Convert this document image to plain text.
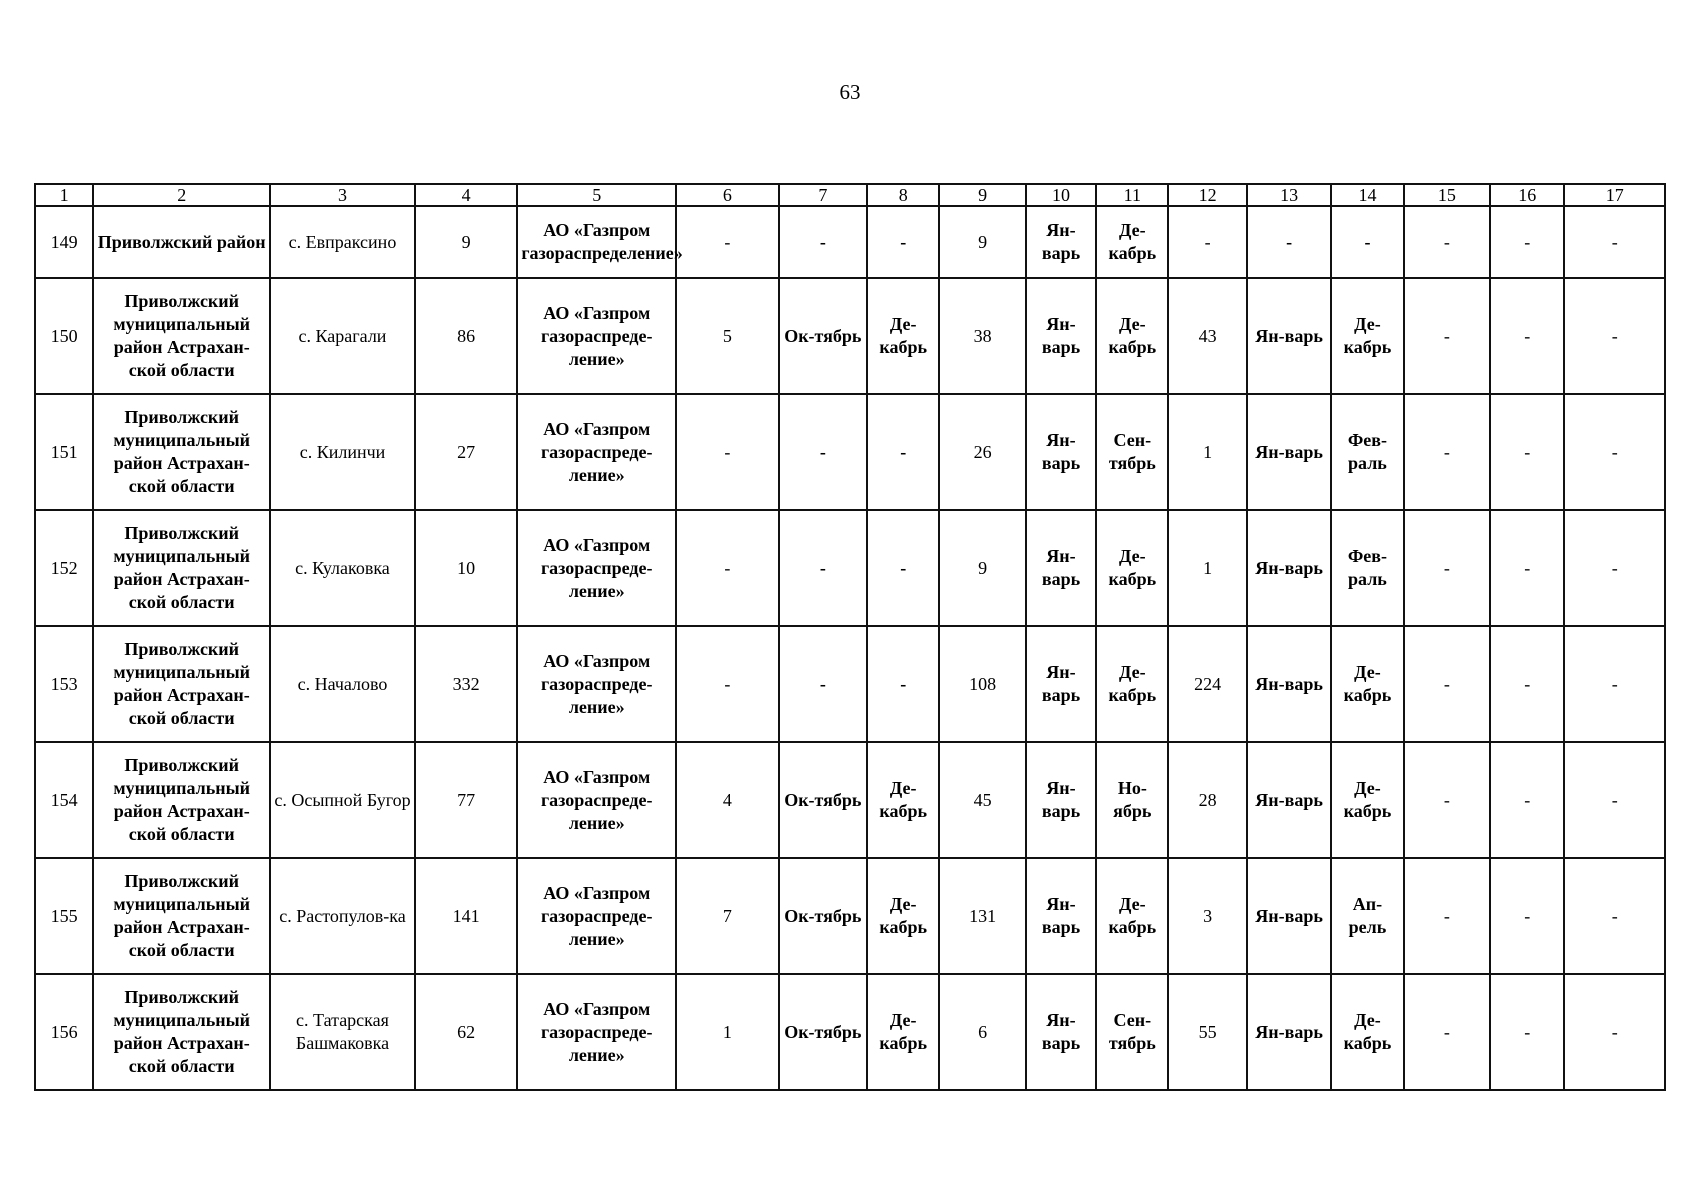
63
1	2	3	4	5	6	7	8	9	10	11	12	13	14	15	16	17
149	Приволжский район	с. Евпраксино	9	АО «Газпром газораспределение»	-	-	-	9	Ян-варь	Де-кабрь	-	-	-	-	-	-
150	Приволжский муниципальный район Астрахан-ской области	с. Карагали	86	АО «Газпром газораспреде-ление»	5	Ок-тябрь	Де-кабрь	38	Ян-варь	Де-кабрь	43	Ян-варь	Де-кабрь	-	-	-
151	Приволжский муниципальный район Астрахан-ской области	с. Килинчи	27	АО «Газпром газораспреде-ление»	-	-	-	26	Ян-варь	Сен-тябрь	1	Ян-варь	Фев-раль	-	-	-
152	Приволжский муниципальный район Астрахан-ской области	с. Кулаковка	10	АО «Газпром газораспреде-ление»	-	-	-	9	Ян-варь	Де-кабрь	1	Ян-варь	Фев-раль	-	-	-
153	Приволжский муниципальный район Астрахан-ской области	с. Началово	332	АО «Газпром газораспреде-ление»	-	-	-	108	Ян-варь	Де-кабрь	224	Ян-варь	Де-кабрь	-	-	-
154	Приволжский муниципальный район Астрахан-ской области	с. Осыпной Бугор	77	АО «Газпром газораспреде-ление»	4	Ок-тябрь	Де-кабрь	45	Ян-варь	Но-ябрь	28	Ян-варь	Де-кабрь	-	-	-
155	Приволжский муниципальный район Астрахан-ской области	с. Растопулов-ка	141	АО «Газпром газораспреде-ление»	7	Ок-тябрь	Де-кабрь	131	Ян-варь	Де-кабрь	3	Ян-варь	Ап-рель	-	-	-
156	Приволжский муниципальный район Астрахан-ской области	с. Татарская Башмаковка	62	АО «Газпром газораспреде-ление»	1	Ок-тябрь	Де-кабрь	6	Ян-варь	Сен-тябрь	55	Ян-варь	Де-кабрь	-	-	-
